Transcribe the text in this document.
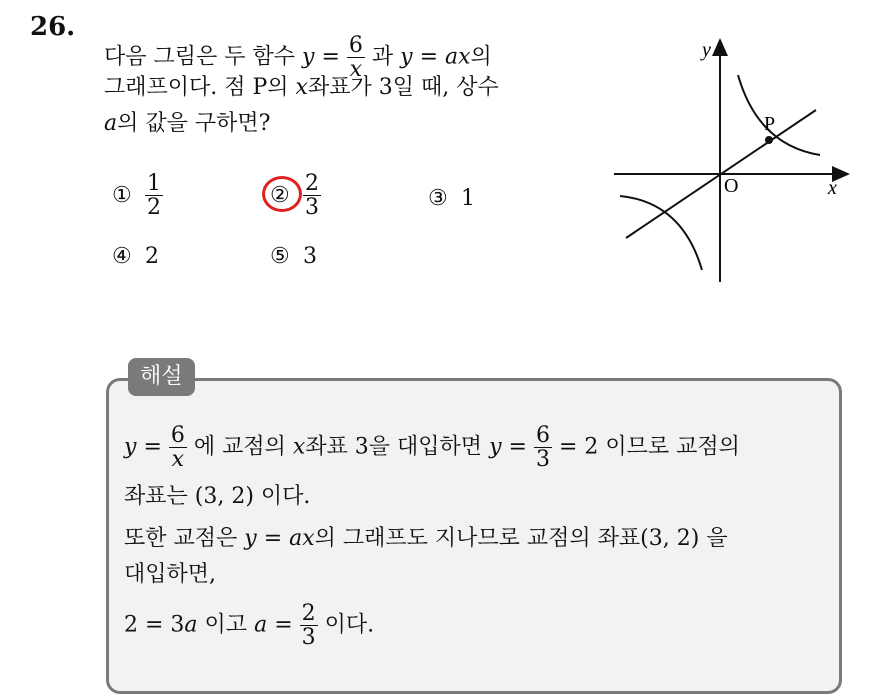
26.
다음 그림은 두 함수 $y = \frac{6}{x}$ 과 y = ax의
그래프이다. 점 P의 x좌표가 3일 때, 상수
a의 값을 구하면?
① $\frac{1}{2}$	② $\frac{2}{3}$	③ 1
④ 2	⑤ 3
P
O	x
y
해설
$y = \frac{6}{x}$ 에 교점의 x좌표 3을 대입하면 $y = \frac{6}{3} = 2$ 이므로 교점의
좌표는 (3, 2) 이다.
또한 교점은 y = ax의 그래프도 지나므로 교점의 좌표(3, 2) 을
대입하면,
2 = 3a 이고 $a = \frac{2}{3}$ 이다.
